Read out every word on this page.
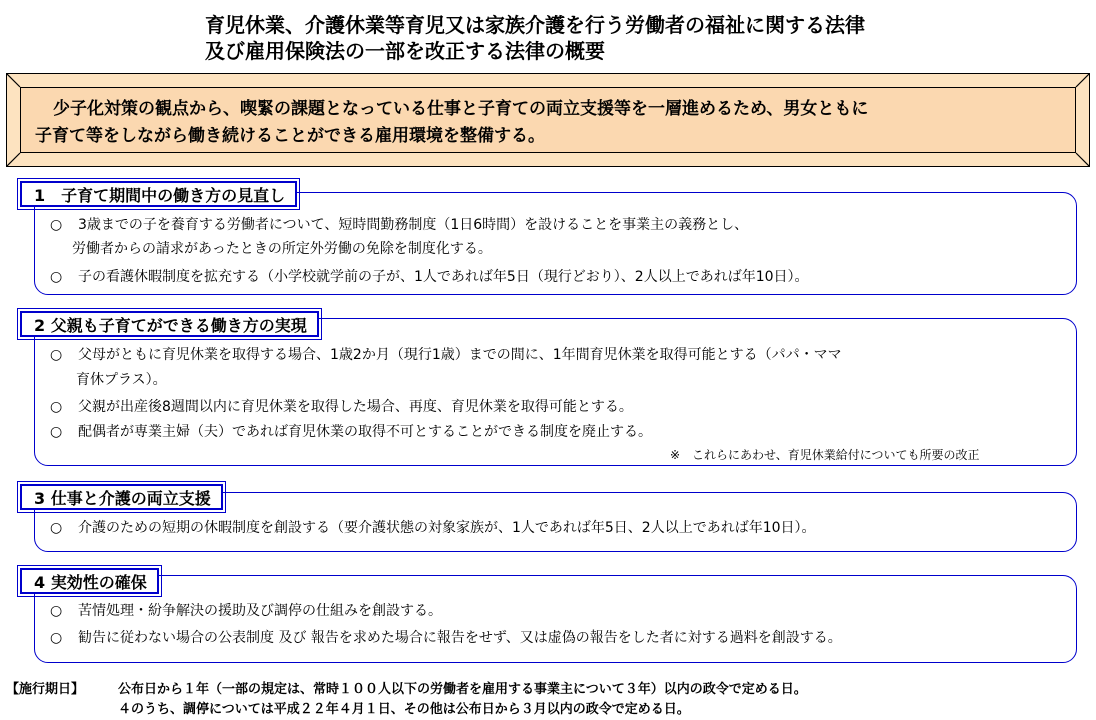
育児休業、介護休業等育児又は家族介護を行う労働者の福祉に関する法律
及び雇用保険法の一部を改正する法律の概要
少子化対策の観点から、喫緊の課題となっている仕事と子育ての両立支援等を一層進めるため、男女ともに
子育て等をしながら働き続けることができる雇用環境を整備する。
1　子育て期間中の働き方の見直し
○ 3歳までの子を養育する労働者について、短時間勤務制度（1日6時間）を設けることを事業主の義務とし、
労働者からの請求があったときの所定外労働の免除を制度化する。
○ 子の看護休暇制度を拡充する（小学校就学前の子が、1人であれば年5日（現行どおり）、2人以上であれば年10日）。
2 父親も子育てができる働き方の実現
○ 父母がともに育児休業を取得する場合、1歳2か月（現行1歳）までの間に、1年間育児休業を取得可能とする（パパ・ママ
育休プラス）。
○ 父親が出産後8週間以内に育児休業を取得した場合、再度、育児休業を取得可能とする。
○ 配偶者が専業主婦（夫）であれば育児休業の取得不可とすることができる制度を廃止する。
※　これらにあわせ、育児休業給付についても所要の改正
3 仕事と介護の両立支援
○ 介護のための短期の休暇制度を創設する（要介護状態の対象家族が、1人であれば年5日、2人以上であれば年10日）。
4 実効性の確保
○ 苦情処理・紛争解決の援助及び調停の仕組みを創設する。
○ 勧告に従わない場合の公表制度 及び 報告を求めた場合に報告をせず、又は虚偽の報告をした者に対する過料を創設する。
【施行期日】	公布日から１年（一部の規定は、常時１００人以下の労働者を雇用する事業主について３年）以内の政令で定める日。
４のうち、調停については平成２２年４月１日、その他は公布日から３月以内の政令で定める日。
